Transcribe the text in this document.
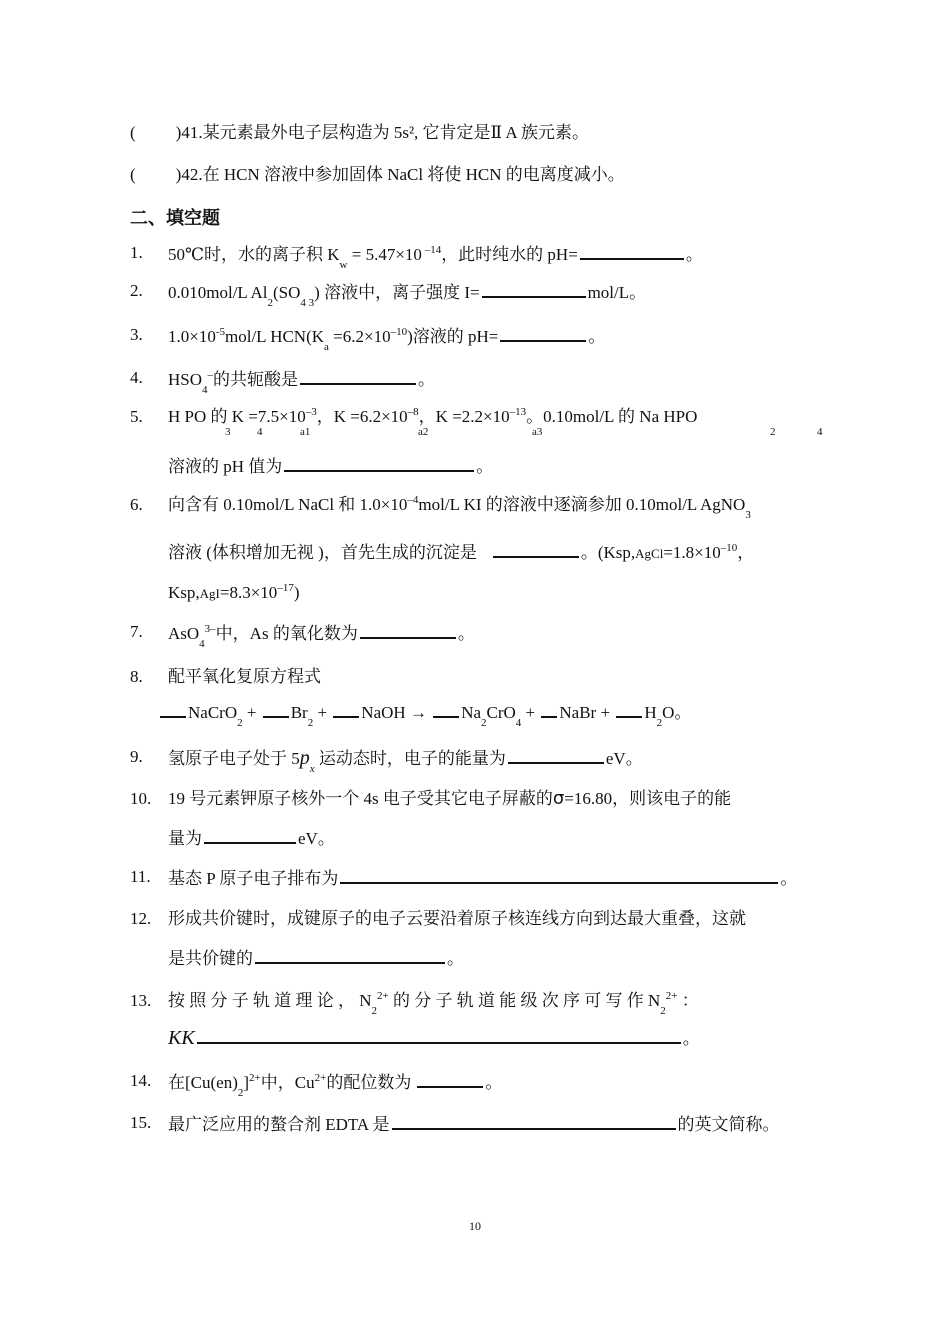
( )41.某元素最外电子层构造为 5s², 它肯定是Ⅱ A 族元素。
( )42.在 HCN 溶液中参加固体 NaCl 将使 HCN 的电离度减小。
二、填空题
1. 50℃时，水的离子积 $K_w = 5.47\times 10$ $^{-14}$，此时纯水的 pH=	。
2. 0.010mol/L $Al_2(SO_{4 3})$ 溶液中，离子强度 I=	mol/L。
3. $1.0\times 10^{-5}mol/L$ $HCN(K_a =6.2\times 10^{-10})$溶液的 pH=	。
4. $HSO_4^-$的共轭酸是	。
5. H PO 的 $K =7.5\times 10^{-3}$，$K =6.2\times 10^{-8}$，$K =2.2\times 10^{-13}$。0.10mol/L 的 Na HPO
3 4	a1	a2	a3	2	4
溶液的 pH 值为	。
6. 向含有 0.10mol/L NaCl 和 $1.0\times 10^{-4}mol/L$ KI 的溶液中逐滴参加 0.10mol/L AgNO$_3$
溶液 (体积增加无视 )，首先生成的沉淀是	。($Ksp,AgCl=1.8\times 10^{-10}$，
$Ksp,AgI=8.3\times 10^{-17}$)
7. AsO$_4^{3-}$中，As 的氧化数为	。
8. 配平氧化复原方程式
NaCrO$_2$ + $Br_2$ + NaOH → $Na_2CrO_4$ + NaBr + $H_2O$。
9. 氢原子电子处于 $5p_x$ 运动态时，电子的能量为	eV。
10. 19 号元素钾原子核外一个 4s 电子受其它电子屏蔽的σ=16.80，则该电子的能
量为	eV。
11. 基态 P 原子电子排布为	。
12. 形成共价键时，成键原子的电子云要沿着原子核连线方向到达最大重叠，这就
是共价键的	。
13. 按 照 分 子 轨 道 理 论 ， $N_2^{2+}$ 的 分 子 轨 道 能 级 次 序 可 写 作 $N_2^{2+}$ ：
KK	。
14. 在$[Cu(en)_2]^{2+}$中，$Cu^{2+}$的配位数为	。
15. 最广泛应用的螯合剂 EDTA 是	的英文简称。
10
